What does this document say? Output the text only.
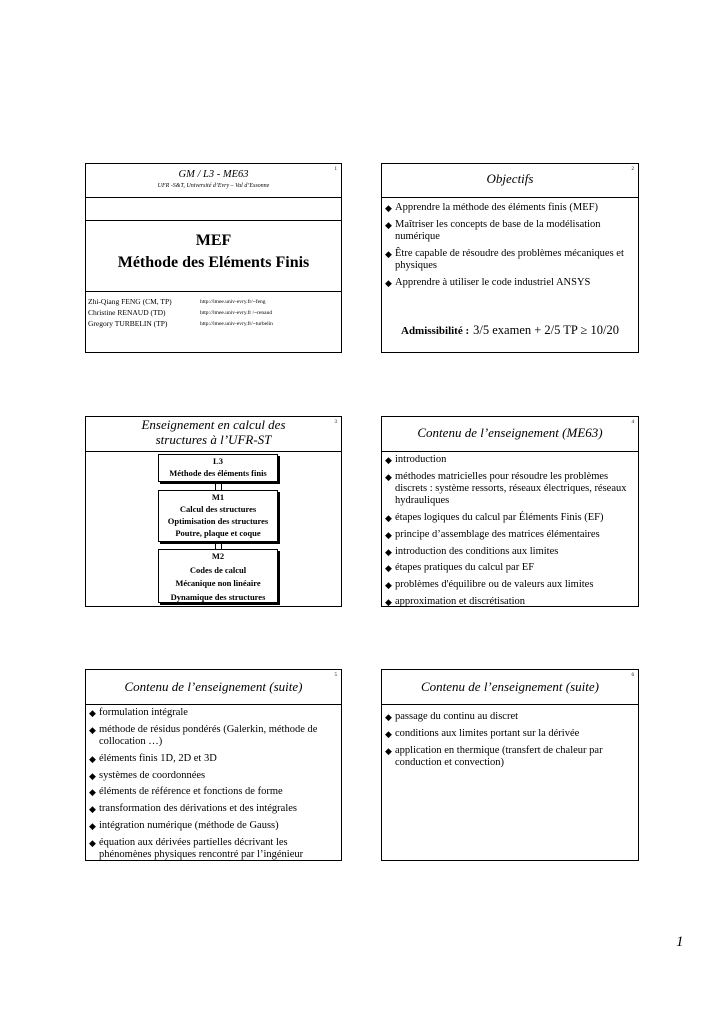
1
GM / L3 - ME63
UFR -S&T, Université d’Evry – Val d’Essonne
MEF
Méthode des Eléments Finis
Zhi-Qiang FENG (CM, TP)	http://lmee.univ-evry.fr/~feng
Christine RENAUD (TD)	http://lmee.univ-evry.fr /~renaud
Gregory TURBELIN (TP)	http://lmee.univ-evry.fr/~turbelin
2
Objectifs
◆ Apprendre la méthode des éléments finis (MEF)
◆ Maîtriser les concepts de base de la modélisation numérique
◆ Être capable de résoudre des problèmes mécaniques et physiques
◆ Apprendre à utiliser le code industriel ANSYS
Admissibilité : 3/5 examen + 2/5 TP ≥ 10/20
3
Enseignement en calcul des
structures à l’UFR-ST
L3
Méthode des éléments finis
M1
Calcul des structures
Optimisation des structures
Poutre, plaque et coque
M2
Codes de calcul
Mécanique non linéaire
Dynamique des structures
4
Contenu de l’enseignement (ME63)
◆ introduction
◆ méthodes matricielles pour résoudre les problèmes discrets : système ressorts, réseaux électriques, réseaux hydrauliques
◆ étapes logiques du calcul par Éléments Finis (EF)
◆ principe d’assemblage des matrices élémentaires
◆ introduction des conditions aux limites
◆ étapes pratiques du calcul par EF
◆ problèmes d'équilibre ou de valeurs aux limites
◆ approximation et discrétisation
5
Contenu de l’enseignement (suite)
◆ formulation intégrale
◆ méthode de résidus pondérés (Galerkin, méthode de collocation …)
◆ éléments finis 1D, 2D et 3D
◆ systèmes de coordonnées
◆ éléments de référence et fonctions de forme
◆ transformation des dérivations et des intégrales
◆ intégration numérique (méthode de Gauss)
◆ équation aux dérivées partielles décrivant les phénomènes physiques rencontré par l’ingénieur
6
Contenu de l’enseignement (suite)
◆ passage du continu au discret
◆ conditions aux limites portant sur la dérivée
◆ application en thermique (transfert de chaleur par conduction et convection)
1
